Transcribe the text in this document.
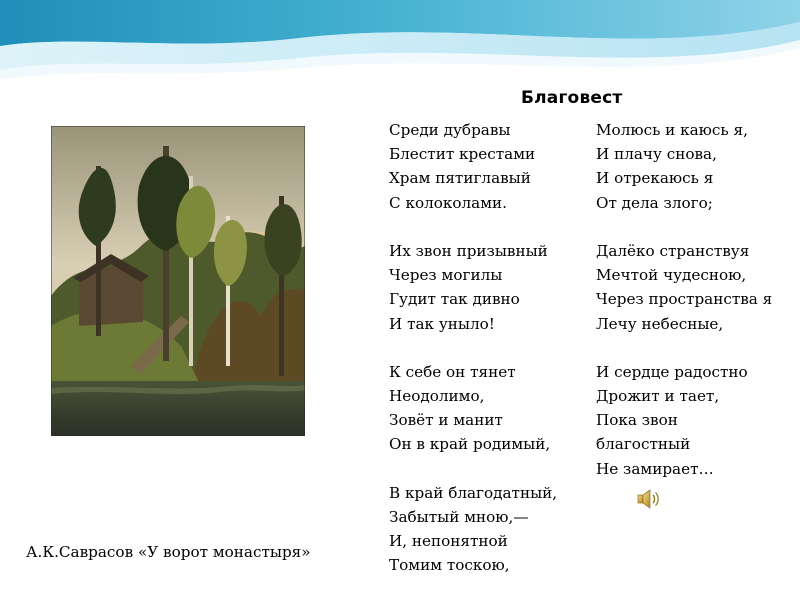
Благовест
Среди дубравы
Блестит крестами
Храм пятиглавый
С колоколами.
Их звон призывный
Через могилы
Гудит так дивно
И так уныло!
К себе он тянет
Неодолимо,
Зовёт и манит
Он в край родимый,
В край благодатный,
Забытый мною,—
И, непонятной
Томим тоскою,
Молюсь и каюсь я,
И плачу снова,
И отрекаюсь я
От дела злого;
Далёко странствуя
Мечтой чудесною,
Через пространства я
Лечу небесные,
И сердце радостно
Дрожит и тает,
Пока звон
благостный
Не замирает…
А.К.Саврасов «У ворот монастыря»
